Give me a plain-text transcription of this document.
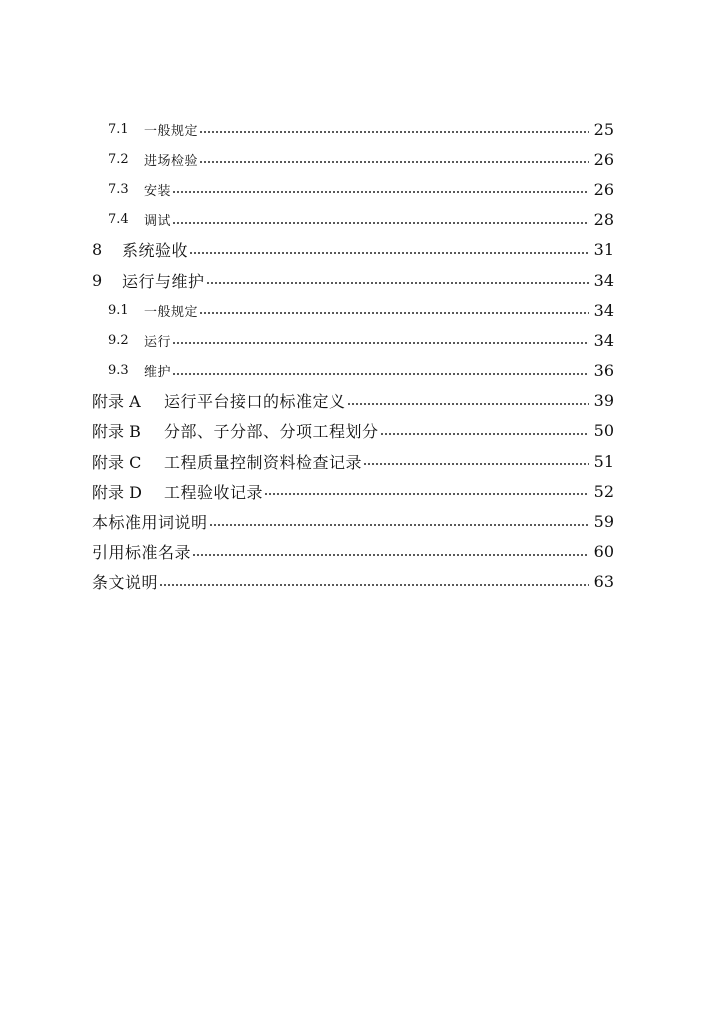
7.1	一般规定	25
7.2	进场检验	26
7.3	安装	26
7.4	调试	28
8	系统验收	31
9	运行与维护	34
9.1	一般规定	34
9.2	运行	34
9.3	维护	36
附录 A	运行平台接口的标准定义	39
附录 B	分部、子分部、分项工程划分	50
附录 C	工程质量控制资料检查记录	51
附录 D	工程验收记录	52
本标准用词说明	59
引用标准名录	60
条文说明	63
